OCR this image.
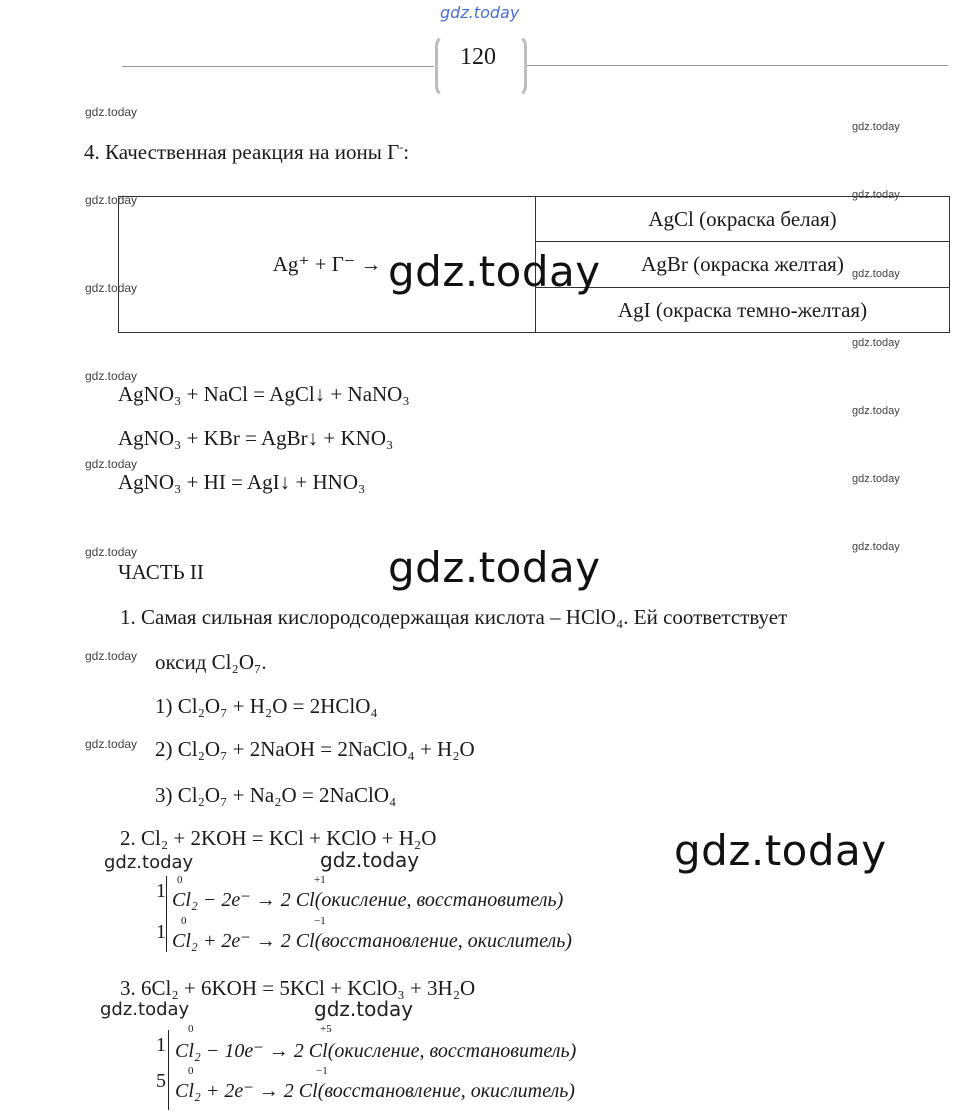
gdz.today
120
gdz.today
gdz.today
gdz.today	gdz.today
gdz.today
gdz.today
gdz.today
gdz.today
gdz.today
gdz.today
gdz.today
gdz.today	gdz.today
gdz.today
gdz.today
4. Качественная реакция на ионы Г-:
Ag⁺ + Г⁻ →	AgCl (окраска белая)
AgBr (окраска желтая)
AgI (окраска темно-желтая)
gdz.today
gdz.today
gdz.today
AgNO₃ + NaCl = AgCl↓ + NaNO₃
AgNO₃ + KBr = AgBr↓ + KNO₃
AgNO₃ + HI = AgI↓ + HNO₃
ЧАСТЬ II
1. Самая сильная кислородсодержащая кислота – HClO₄. Ей соответствует
оксид Cl₂O₇.
1) Cl₂O₇ + H₂O = 2HClO₄
2) Cl₂O₇ + 2NaOH = 2NaClO₄ + H₂O
3) Cl₂O₇ + Na₂O = 2NaClO₄
2. Cl₂ + 2KOH = KCl + KClO + H₂O
gdz.today	gdz.today
1 0	+1
Cl₂ − 2e⁻ → 2 Cl(окисление, восстановитель)
1 0	−1
Cl₂ + 2e⁻ → 2 Cl(восстановление, окислитель)
3. 6Cl₂ + 6KOH = 5KCl + KClO₃ + 3H₂O
gdz.today	gdz.today
1
0	+5
Cl₂ − 10e⁻ → 2 Cl(окисление, восстановитель)
5 0	−1
Cl₂ + 2e⁻ → 2 Cl(восстановление, окислитель)
